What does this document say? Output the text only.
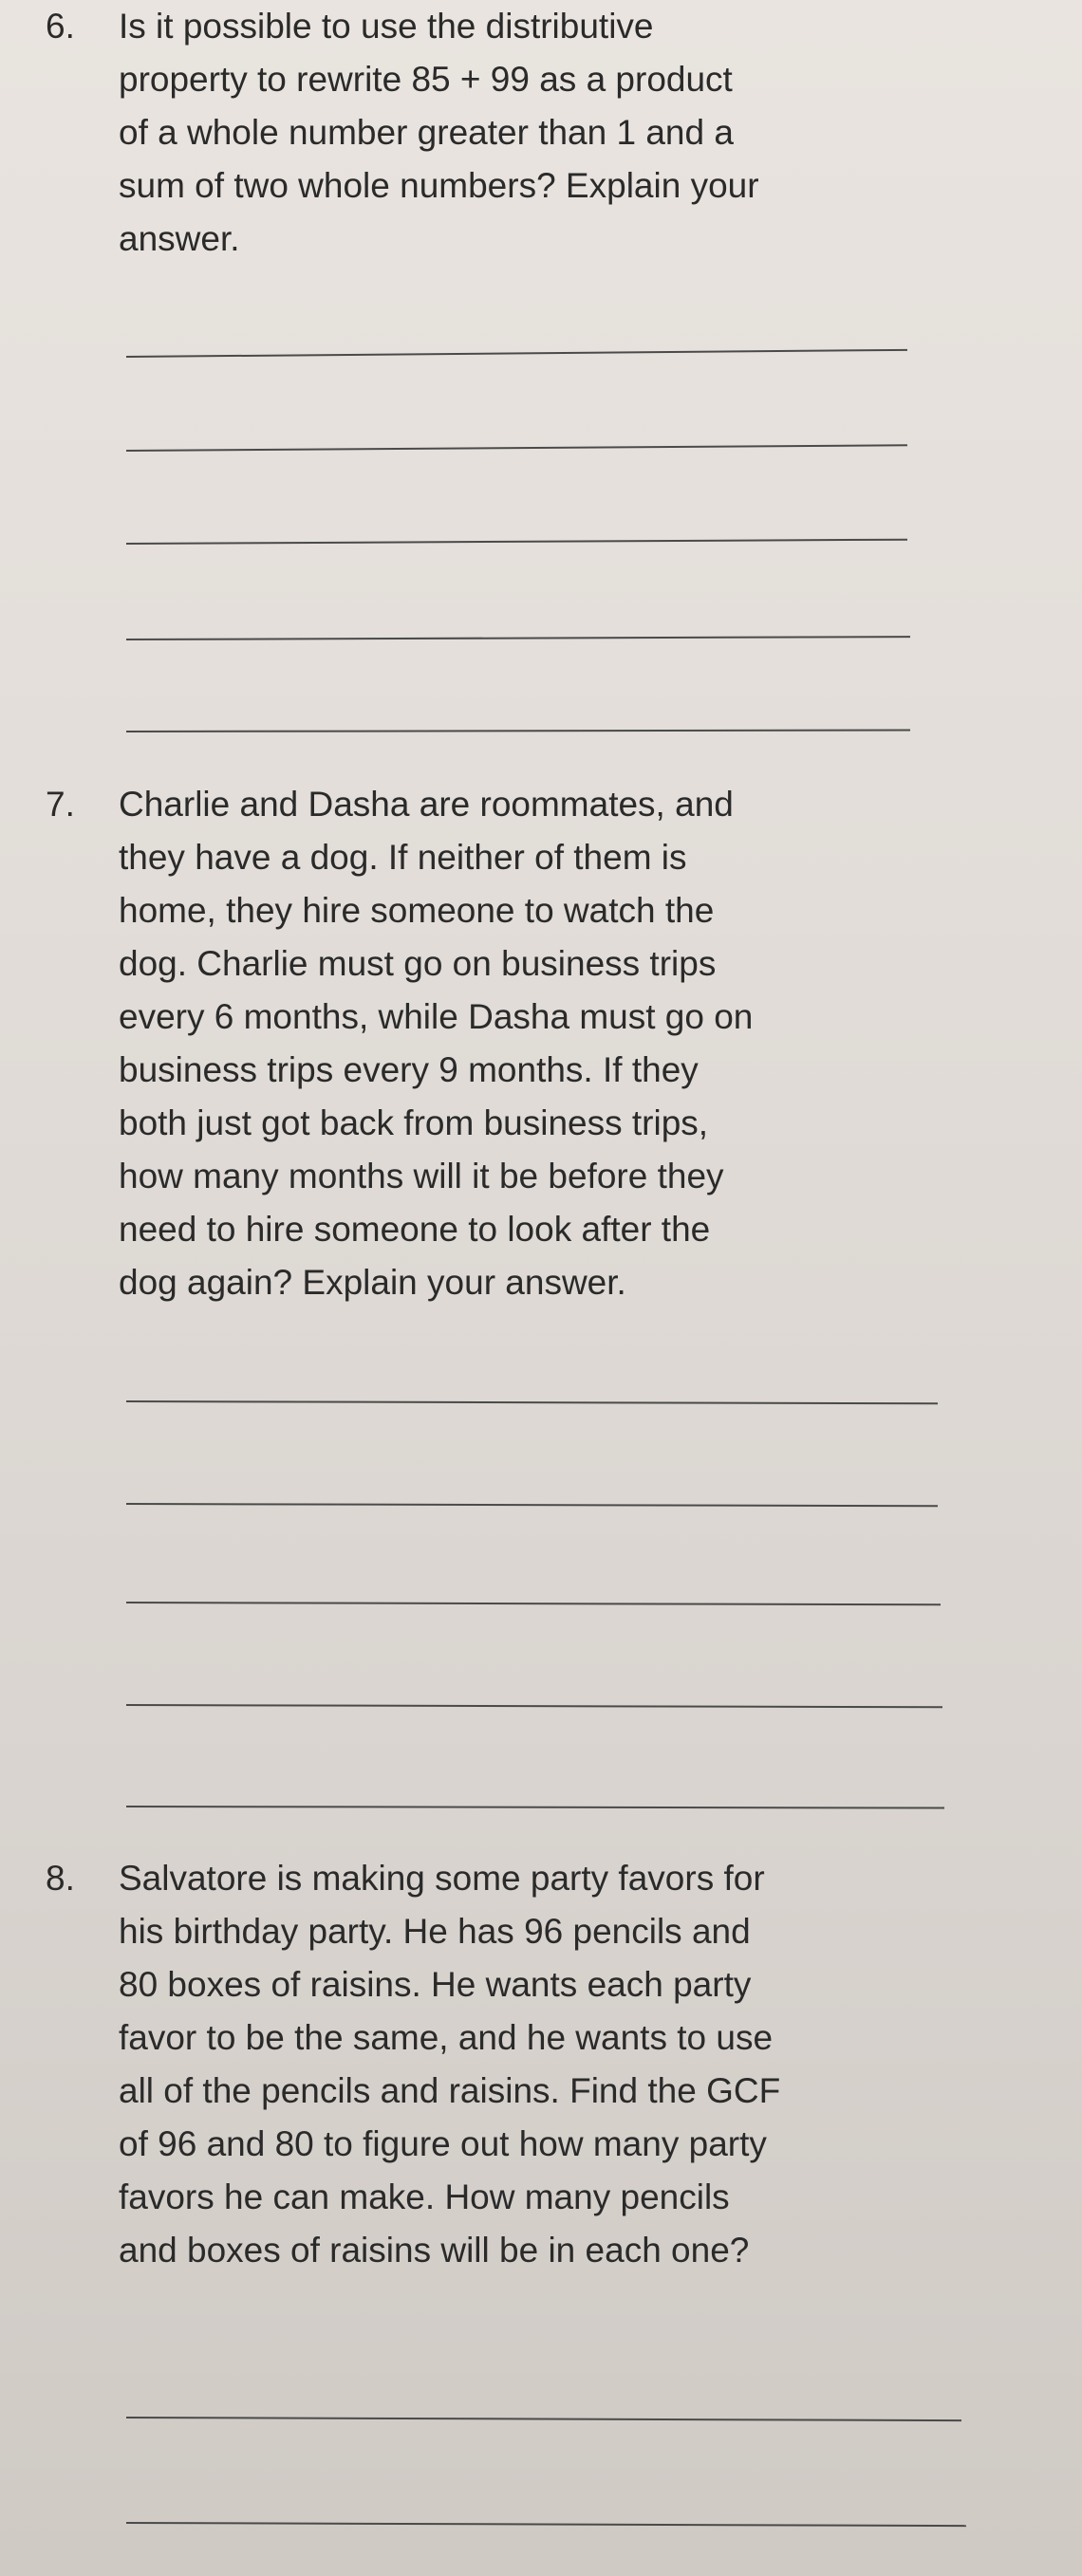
6. Is it possible to use the distributive
property to rewrite 85 + 99 as a product
of a whole number greater than 1 and a
sum of two whole numbers? Explain your
answer.
7. Charlie and Dasha are roommates, and
they have a dog. If neither of them is
home, they hire someone to watch the
dog. Charlie must go on business trips
every 6 months, while Dasha must go on
business trips every 9 months. If they
both just got back from business trips,
how many months will it be before they
need to hire someone to look after the
dog again? Explain your answer.
8. Salvatore is making some party favors for
his birthday party. He has 96 pencils and
80 boxes of raisins. He wants each party
favor to be the same, and he wants to use
all of the pencils and raisins. Find the GCF
of 96 and 80 to figure out how many party
favors he can make. How many pencils
and boxes of raisins will be in each one?
